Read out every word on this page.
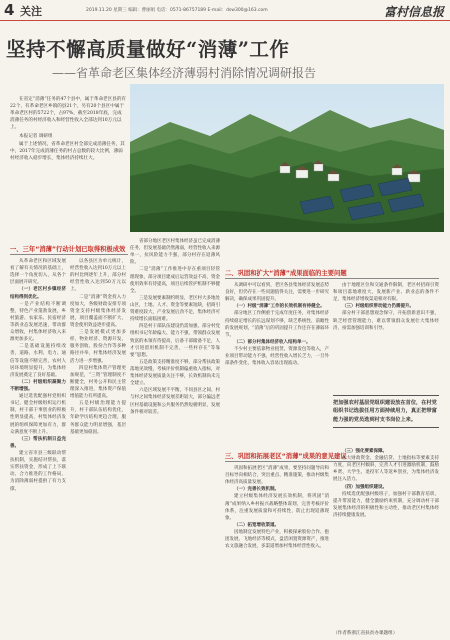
4 关注	2019.11.20 星期三 编辑：曹丽娟 电话：0571-86757189 E-mail：dsw300@163.com	富村信息报
坚持不懈高质量做好“消薄”工作
——省革命老区集体经济薄弱村消除情况调研报告

在省定“消薄”任务的47个县中，属于革命老区县的有22个，有革命老区乡镇的县21个，另有20个县区中属于革命老区村的5722个，占97%，截至2018年底，完成消薄任务的村经济收入和经营性收入全部达到10万元以上。

本报记者 调研组

属于上述情况，省革命老区村全部完成消薄任务，其中，2017年完成消薄任务的村占总数的较大比例，薄弱村经济收入稳步增长，集体经济持续壮大。

一、三年“消薄”行动计划已取得积极成效
二、巩固和扩大“消薄”成果面临的主要问题
三、巩固和拓展老区“消薄”成果的意见建议

从革命老区和区域发展看了解有关情况的基础上，选择一个角度切入，从各个层面展开研究。

（一）老区村乡镇经济结构得到优化。

一是产业结构不断调整，特色产业蓬勃发展，乡村旅游、农家乐、民宿经济等新业态发展迅速，带动群众增收，村集体经济收入来源更加多元。

二是基础设施持续改善，道路、水利、电力、通信等设施不断完善，农村人居环境明显提升，为集体经济发展奠定了良好基础。

（二）村级组织凝聚力不断增强。

通过选优配强村党组织书记，健全村级组织运行机制，村干部干事创业的积极性明显提高，村集体经济发展的组织保障更加有力，群众满意度不断上升。

（三）帮扶机制日益完善。

建立省市县三级联动帮扶机制，实施结对帮扶，落实帮扶资金，形成了上下联动、合力推进的工作格局，为消除薄弱村提供了有力支撑。

以各县区为单元统计，经营性收入达到10万元以上的村比例逐年上升，部分村经营性收入达到50万元以上。

二是“消薄”资金投入力度加大，各级财政安排专项资金支持村级集体经济发展，项目覆盖面不断扩大，资金使用效益逐步提高。

三是发展模式更加多样，物业经济、资源开发、服务创收、股份合作等多种路径并举，村集体经济发展活力进一步增强。

四是村集体资产管理更加规范，“三资”管理制度不断健全，村务公开和民主管理深入推进，集体资产保值增值能力有所提高。

五是村级治理能力提升，村干部队伍结构优化，年龄学历结构更趋合理，服务群众能力明显增强，基层基础更加稳固。

省部分地区老区村集体经济虽已完成消薄任务，但发展基础仍然薄弱，经营性收入来源单一，抗风险能力不强，部分村存在返薄风险。

二是“消薄”工作推进中存在重项目轻管理现象，部分项目建成后运营效益不高，资金使用效率有待提高，项目后续管护机制不够健全。

三是发展要素制约明显，老区村大多地处山区，土地、人才、资金等要素短缺，招商引资难度较大，产业发展后劲不足，集体经济可持续增长面临困难。

四是村干部队伍建设仍需加强，部分村党组织书记年龄偏大、能力不强，带领群众发展致富的本领有待提高，后备干部储备不足，人才引进留用机制不完善，一些村存在“等靠要”思想。

五是政策支持精准度不够，部分帮扶政策落地见效慢，考核评价机制偏重收入指标，对集体经济发展质量关注不够，长效机制尚未完全建立。

六是区域发展不平衡，不同县区之间、村与村之间集体经济发展差距较大，部分偏远老区村基础设施和公共服务仍然短板明显，发展条件相对较差。

从调研中可以看到，老区各县集体经济发展态势良好，但仍存在一些问题值得关注，需要进一步研究解决，确保成果巩固提升。

（一）村级“消薄”工作的长效机制有待健全。

部分地区工作侧重于完成年度任务，对集体经济持续稳定增长的长远谋划不够，缺乏系统性、前瞻性的发展规划，“消薄”后的巩固提升工作还存在薄弱环节。

（二）部分村集体经济收入结构单一。

不少村主要依靠物业租赁、资源发包等收入，产业项目带动能力不强，经营性收入增长乏力，一旦外部条件变化，集体收入容易出现波动。

由于地理区位和交通条件限制，老区村招商引资和项目落地难度大，发展新产业、新业态的条件不足，集体经济增收渠道相对有限。

（三）村级组织带动能力仍需提升。

部分村干部思想观念保守，开拓创新意识不强，缺乏经营管理能力，难以带领群众发展壮大集体经济，亟需加强培训和引导。

巩固和拓展老区“消薄”成果，要坚持问题导向和目标导向相结合，突出重点、精准施策，推动村级集体经济高质量发展。

（一）完善长效机制。

建立村级集体经济发展长效机制，将巩固“消薄”成果纳入乡村振兴战略整体谋划，完善考核评价体系，注重发展质量和可持续性，防止出现返薄现象。

（二）拓宽增收渠道。

因地制宜发展特色产业，积极探索股份合作、抱团发展、飞地经济等模式，盘活闲置资源资产，推进农文旅融合发展，多渠道增加村集体经营性收入。

把加强农村基层党组织建设放在首位，在村党组织书记选拔任用方面持续用力，真正把带富能力强的党员选到村支书岗位上来。

（三）强化要素保障。

加大财政资金、金融信贷、土地指标等要素支持力度，向老区村倾斜，完善人才引进激励机制，鼓励乡贤、大学生、退役军人等返乡创业，为集体经济发展注入活力。

（四）加强组织建设。

持续选优配强村级班子，加强村干部教育培训，提升带富能力，健全激励约束机制，充分调动村干部发展集体经济的积极性和主动性，推动老区村集体经济持续健康发展。

（作者系浙江省扶贫办课题组）
